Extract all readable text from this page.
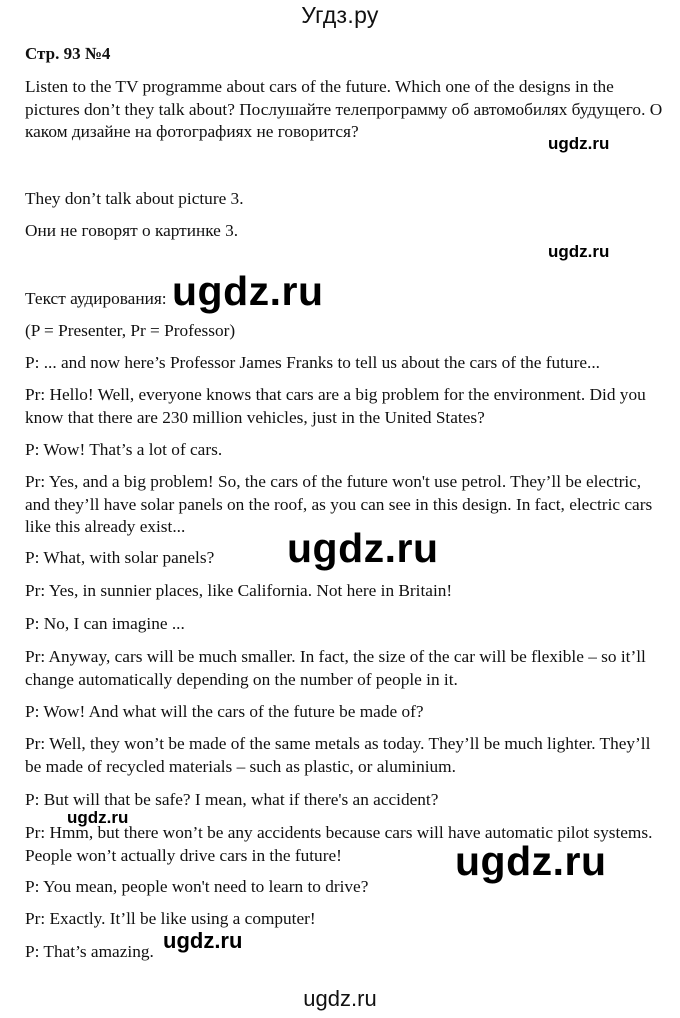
Угдз.ру
Стр. 93 №4
Listen to the TV programme about cars of the future. Which one of the designs in the pictures don’t they talk about? Послушайте телепрограмму об автомобилях будущего. О каком дизайне на фотографиях не говорится?
ugdz.ru
They don’t talk about picture 3.
Они не говорят о картинке 3.
ugdz.ru
Текст аудирования: ugdz.ru
(P = Presenter, Pr = Professor)
P: ... and now here’s Professor James Franks to tell us about the cars of the future...
Pr: Hello! Well, everyone knows that cars are a big problem for the environment. Did you know that there are 230 million vehicles, just in the United States?
P: Wow! That’s a lot of cars.
Pr: Yes, and a big problem! So, the cars of the future won't use petrol. They’ll be electric, and they’ll have solar panels on the roof, as you can see in this design. In fact, electric cars like this already exist...
P: What, with solar panels?	ugdz.ru
Pr: Yes, in sunnier places, like California. Not here in Britain!
P: No, I can imagine ...
Pr: Anyway, cars will be much smaller. In fact, the size of the car will be flexible – so it’ll change automatically depending on the number of people in it.
P: Wow! And what will the cars of the future be made of?
Pr: Well, they won’t be made of the same metals as today. They’ll be much lighter. They’ll be made of recycled materials – such as plastic, or aluminium.
P: But will that be safe? I mean, what if there's an accident?
ugdz.ru
Pr: Hmm, but there won’t be any accidents because cars will have automatic pilot systems. People won’t actually drive cars in the future!	ugdz.ru
P: You mean, people won't need to learn to drive?
Pr: Exactly. It’ll be like using a computer!
P: That’s amazing. ugdz.ru
ugdz.ru
